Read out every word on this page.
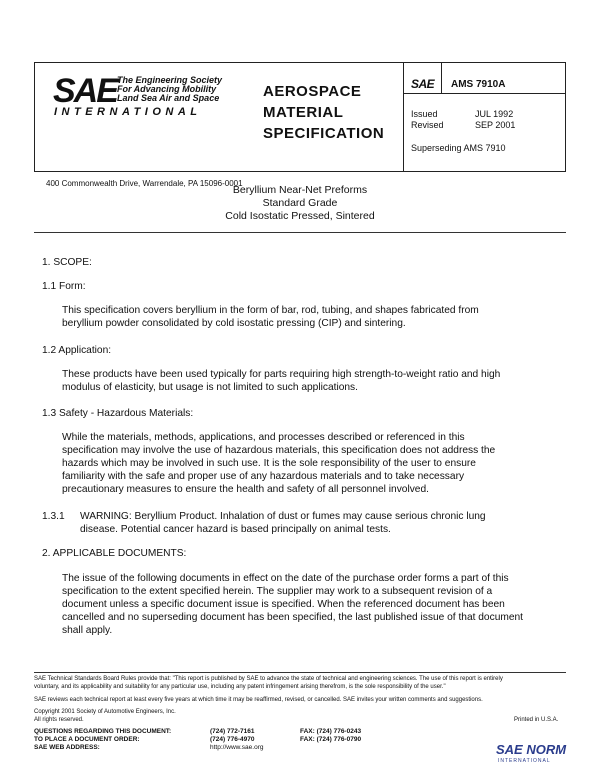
SAE The Engineering Society
For Advancing Mobility
Land Sea Air and Space
INTERNATIONAL
400 Commonwealth Drive, Warrendale, PA 15096-0001
AEROSPACE
MATERIAL
SPECIFICATION
SAE AMS 7910A
Issued	JUL 1992
Revised	SEP 2001
Superseding AMS 7910
Beryllium Near-Net Preforms
Standard Grade
Cold Isostatic Pressed, Sintered
1. SCOPE:
1.1 Form:
This specification covers beryllium in the form of bar, rod, tubing, and shapes fabricated from
beryllium powder consolidated by cold isostatic pressing (CIP) and sintering.
1.2 Application:
These products have been used typically for parts requiring high strength-to-weight ratio and high
modulus of elasticity, but usage is not limited to such applications.
1.3 Safety - Hazardous Materials:
While the materials, methods, applications, and processes described or referenced in this
specification may involve the use of hazardous materials, this specification does not address the
hazards which may be involved in such use. It is the sole responsibility of the user to ensure
familiarity with the safe and proper use of any hazardous materials and to take necessary
precautionary measures to ensure the health and safety of all personnel involved.
1.3.1 WARNING: Beryllium Product. Inhalation of dust or fumes may cause serious chronic lung
disease. Potential cancer hazard is based principally on animal tests.
2. APPLICABLE DOCUMENTS:
The issue of the following documents in effect on the date of the purchase order forms a part of this
specification to the extent specified herein. The supplier may work to a subsequent revision of a
document unless a specific document issue is specified. When the referenced document has been
cancelled and no superseding document has been specified, the last published issue of that document
shall apply.
SAE Technical Standards Board Rules provide that: "This report is published by SAE to advance the state of technical and engineering sciences. The use of this report is entirely
voluntary, and its applicability and suitability for any particular use, including any patent infringement arising therefrom, is the sole responsibility of the user."
SAE reviews each technical report at least every five years at which time it may be reaffirmed, revised, or cancelled. SAE invites your written comments and suggestions.
Copyright 2001 Society of Automotive Engineers, Inc.
All rights reserved.	Printed in U.S.A.
QUESTIONS REGARDING THIS DOCUMENT:	(724) 772-7161	FAX: (724) 776-0243
TO PLACE A DOCUMENT ORDER:	(724) 776-4970	FAX: (724) 776-0790
SAE WEB ADDRESS:	http://www.sae.org	SAE NORM
INTERNATIONAL
